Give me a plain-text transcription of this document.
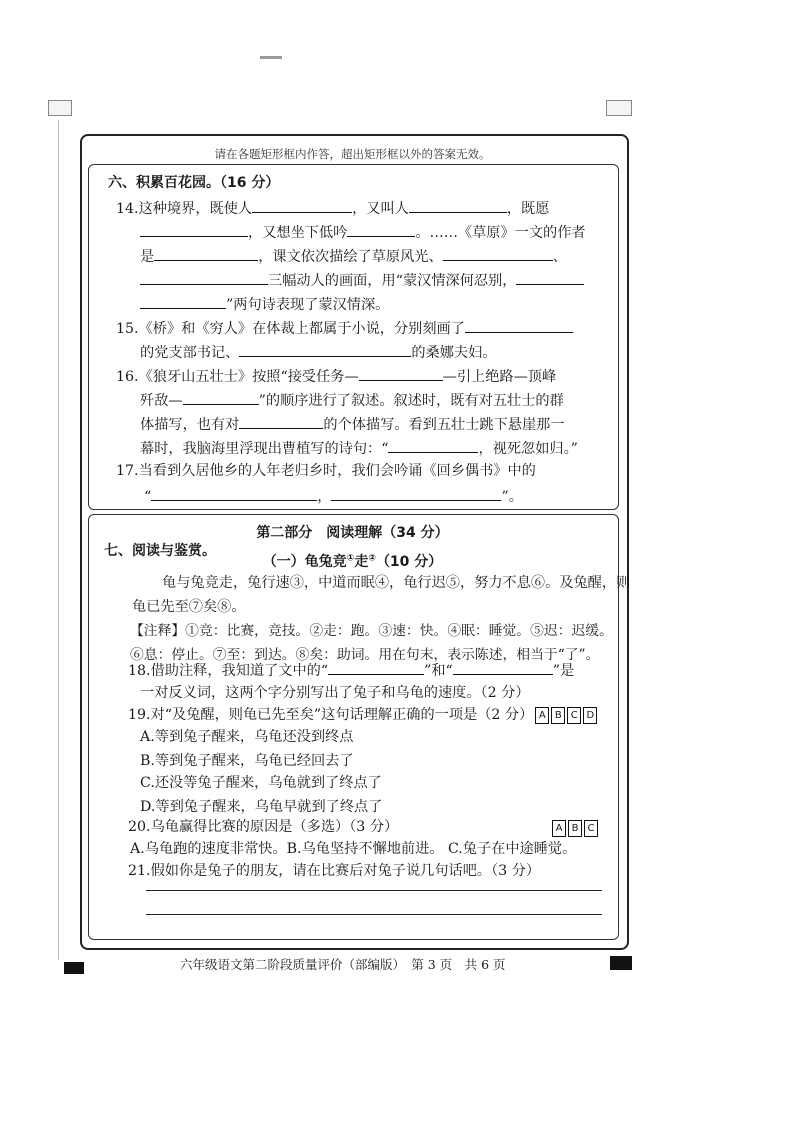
请在各题矩形框内作答，超出矩形框以外的答案无效。
六、积累百花园。（16 分）
14.这种境界，既使人	，又叫人	，既愿
，又想坐下低吟	。……《草原》一文的作者
是	，课文依次描绘了草原风光、	、
三幅动人的画面，用“蒙汉情深何忍别，
”两句诗表现了蒙汉情深。
15.《桥》和《穷人》在体裁上都属于小说，分别刻画了
的党支部书记、	的桑娜夫妇。
16.《狼牙山五壮士》按照“接受任务—	—引上绝路—顶峰
歼敌—	”的顺序进行了叙述。叙述时，既有对五壮士的群
体描写，也有对	的个体描写。看到五壮士跳下悬崖那一
幕时，我脑海里浮现出曹植写的诗句：“	，视死忽如归。”
17.当看到久居他乡的人年老归乡时，我们会吟诵《回乡偶书》中的
“	，	”。
第二部分　阅读理解（34 分）
七、阅读与鉴赏。
（一）龟兔竞①走②（10 分）
龟与兔竞走，兔行速③，中道而眠④，龟行迟⑤，努力不息⑥。及兔醒，则
龟已先至⑦矣⑧。
【注释】①竞：比赛，竞技。②走：跑。③速：快。④眠：睡觉。⑤迟：迟缓。
⑥息：停止。⑦至：到达。⑧矣：助词。用在句末，表示陈述，相当于“了”。
18.借助注释，我知道了文中的“	”和“	”是
一对反义词，这两个字分别写出了兔子和乌龟的速度。（2 分）
19.对“及兔醒，则龟已先至矣”这句话理解正确的一项是（2 分） A B C D
A.等到兔子醒来，乌龟还没到终点
B.等到兔子醒来，乌龟已经回去了
C.还没等兔子醒来，乌龟就到了终点了
D.等到兔子醒来，乌龟早就到了终点了
20.乌龟赢得比赛的原因是（多选）（3 分）	A B C
A.乌龟跑的速度非常快。B.乌龟坚持不懈地前进。 C.兔子在中途睡觉。
21.假如你是兔子的朋友，请在比赛后对兔子说几句话吧。（3 分）
六年级语文第二阶段质量评价（部编版）　第 3 页　共 6 页
